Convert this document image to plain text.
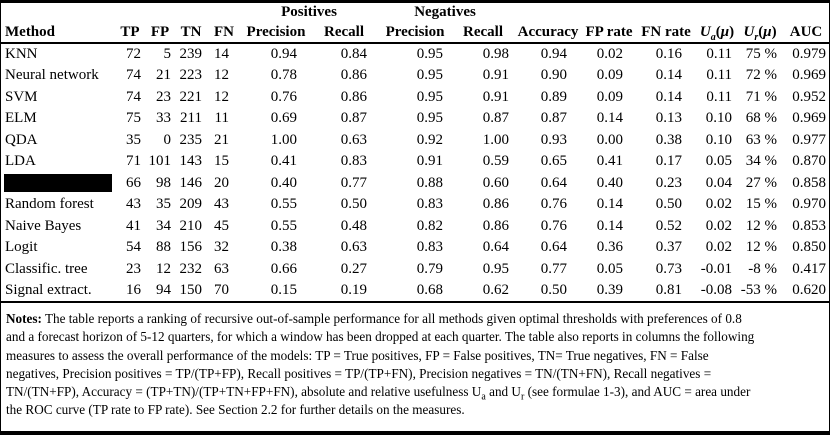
					Positives		Negatives							
Method	TP	FP	TN	FN	Precision	Recall	Precision	Recall	Accuracy	FP rate	FN rate	$U_a(\mu)$	$U_r(\mu)$	AUC
KNN	72	5	239	14	0.94	0.84	0.95	0.98	0.94	0.02	0.16	0.11	75 %	0.979
Neural network	74	21	223	12	0.78	0.86	0.95	0.91	0.90	0.09	0.14	0.11	72 %	0.969
SVM	74	23	221	12	0.76	0.86	0.95	0.91	0.89	0.09	0.14	0.11	71 %	0.952
ELM	75	33	211	11	0.69	0.87	0.95	0.87	0.87	0.14	0.13	0.10	68 %	0.969
QDA	35	0	235	21	1.00	0.63	0.92	1.00	0.93	0.00	0.38	0.10	63 %	0.977
LDA	71	101	143	15	0.41	0.83	0.91	0.59	0.65	0.41	0.17	0.05	34 %	0.870

	66	98	146	20	0.40	0.77	0.88	0.60	0.64	0.40	0.23	0.04	27 %	0.858
Random forest	43	35	209	43	0.55	0.50	0.83	0.86	0.76	0.14	0.50	0.02	15 %	0.970
Naive Bayes	41	34	210	45	0.55	0.48	0.82	0.86	0.76	0.14	0.52	0.02	12 %	0.853
Logit	54	88	156	32	0.38	0.63	0.83	0.64	0.64	0.36	0.37	0.02	12 %	0.850
Classific. tree	23	12	232	63	0.66	0.27	0.79	0.95	0.77	0.05	0.73	-0.01	-8 %	0.417
Signal extract.	16	94	150	70	0.15	0.19	0.68	0.62	0.50	0.39	0.81	-0.08	-53 %	0.620
Notes: The table reports a ranking of recursive out-of-sample performance for all methods given optimal thresholds with preferences of 0.8
and a forecast horizon of 5-12 quarters, for which a window has been dropped at each quarter. The table also reports in columns the following
measures to assess the overall performance of the models: TP = True positives, FP = False positives, TN= True negatives, FN = False
negatives, Precision positives = TP/(TP+FP), Recall positives = TP/(TP+FN), Precision negatives = TN/(TN+FN), Recall negatives =
TN/(TN+FP), Accuracy = (TP+TN)/(TP+TN+FP+FN), absolute and relative usefulness $U_a$ and $U_r$ (see formulae 1-3), and AUC = area under
the ROC curve (TP rate to FP rate). See Section 2.2 for further details on the measures.
